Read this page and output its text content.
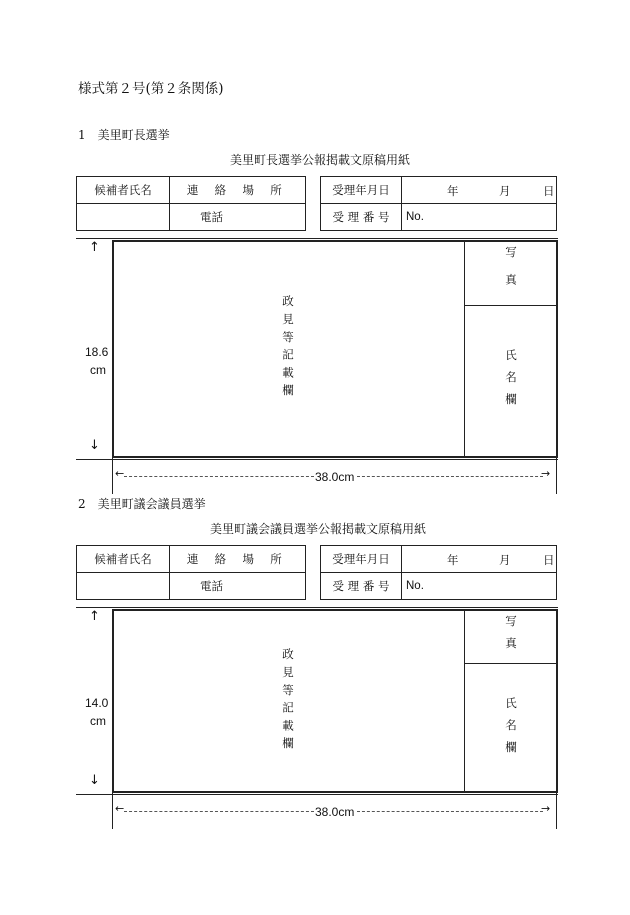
様式第２号(第２条関係)
1　美里町長選挙
美里町長選挙公報掲載文原稿用紙
候補者氏名	連 絡 場 所
	電話
受理年月日	年 月 日

受 理 番 号	No.
政見等記載欄
写真
氏名欄
↑
18.6
cm
↓
←	→
38.0cm
2　美里町議会議員選挙
美里町議会議員選挙公報掲載文原稿用紙
候補者氏名	連 絡 場 所
	電話
受理年月日	年 月 日

受 理 番 号	No.
政見等記載欄
写真
氏名欄
↑
14.0
cm
↓
←	→
38.0cm
